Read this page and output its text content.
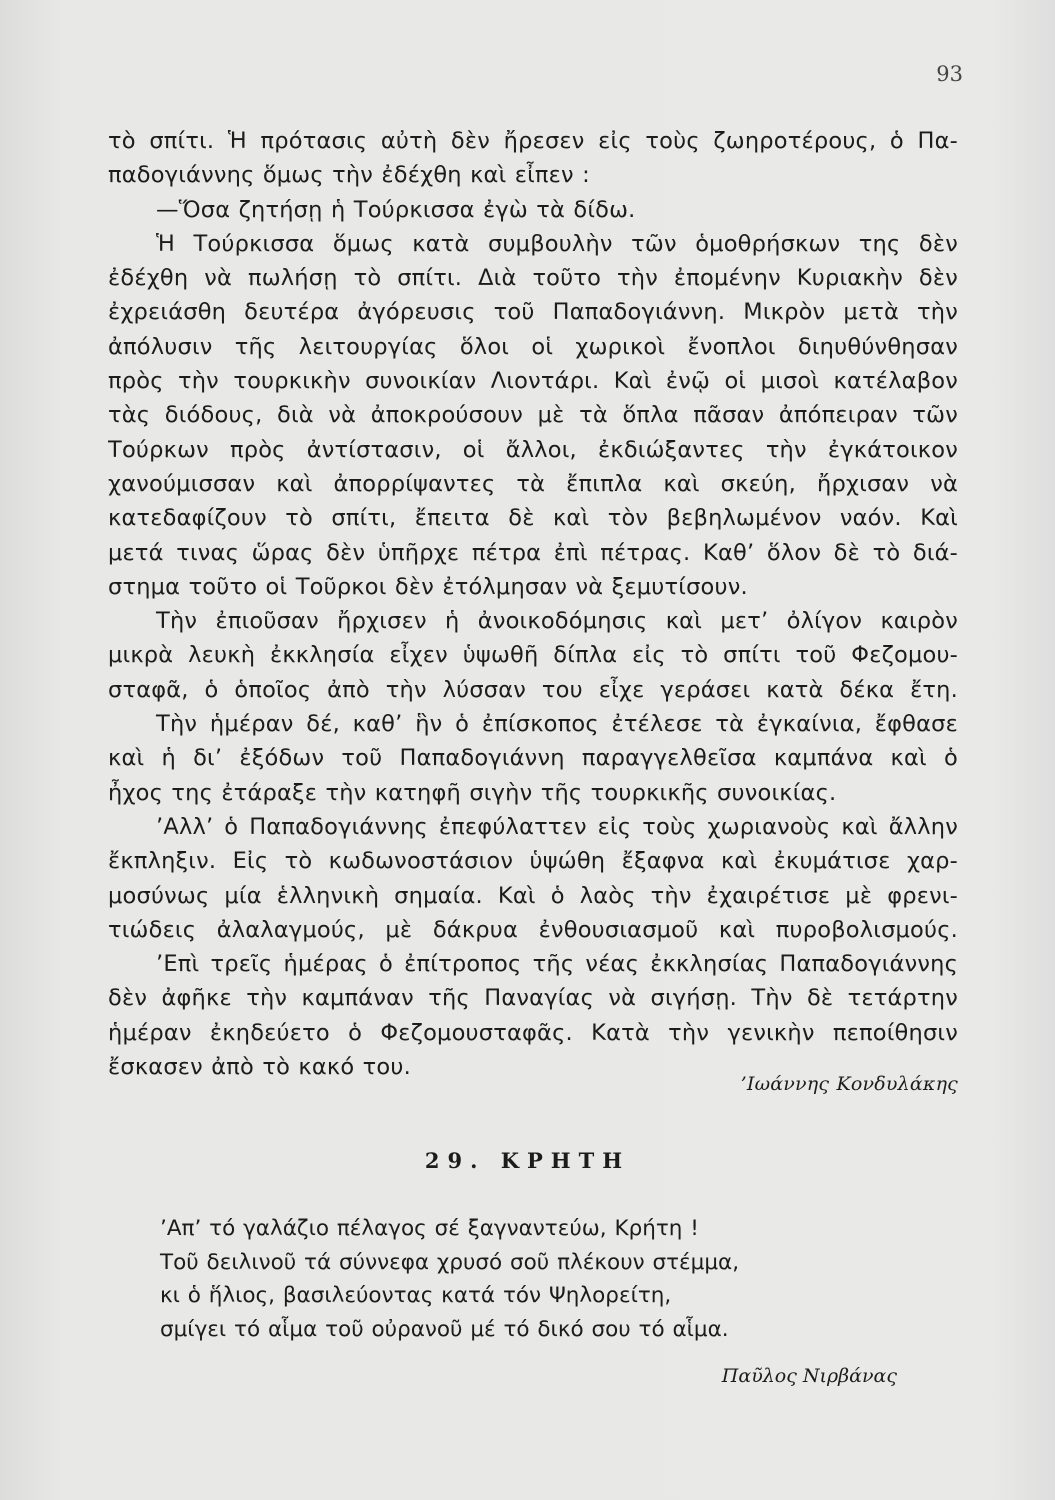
93
τὸ σπίτι. Ἡ πρότασις αὐτὴ δὲν ἤρεσεν εἰς τοὺς ζωηροτέρους, ὁ Πα-
παδογιάννης ὅμως τὴν ἐδέχθη καὶ εἶπεν :
—Ὅσα ζητήσῃ ἡ Τούρκισσα ἐγὼ τὰ δίδω.
Ἡ Τούρκισσα ὅμως κατὰ συμβουλὴν τῶν ὁμοθρήσκων της δὲν
ἐδέχθη νὰ πωλήσῃ τὸ σπίτι. Διὰ τοῦτο τὴν ἐπομένην Κυριακὴν δὲν
ἐχρειάσθη δευτέρα ἀγόρευσις τοῦ Παπαδογιάννη. Μικρὸν μετὰ τὴν
ἀπόλυσιν τῆς λειτουργίας ὅλοι οἱ χωρικοὶ ἔνοπλοι διηυθύνθησαν
πρὸς τὴν τουρκικὴν συνοικίαν Λιοντάρι. Καὶ ἐνῷ οἱ μισοὶ κατέλαβον
τὰς διόδους, διὰ νὰ ἀποκρούσουν μὲ τὰ ὅπλα πᾶσαν ἀπόπειραν τῶν
Τούρκων πρὸς ἀντίστασιν, οἱ ἄλλοι, ἐκδιώξαντες τὴν ἐγκάτοικον
χανούμισσαν καὶ ἀπορρίψαντες τὰ ἔπιπλα καὶ σκεύη, ἤρχισαν νὰ
κατεδαφίζουν τὸ σπίτι, ἔπειτα δὲ καὶ τὸν βεβηλωμένον ναόν. Καὶ
μετά τινας ὥρας δὲν ὑπῆρχε πέτρα ἐπὶ πέτρας. Καθ’ ὅλον δὲ τὸ διά-
στημα τοῦτο οἱ Τοῦρκοι δὲν ἐτόλμησαν νὰ ξεμυτίσουν.
Τὴν ἐπιοῦσαν ἤρχισεν ἡ ἀνοικοδόμησις καὶ μετ’ ὀλίγον καιρὸν
μικρὰ λευκὴ ἐκκλησία εἶχεν ὑψωθῆ δίπλα εἰς τὸ σπίτι τοῦ Φεζομου-
σταφᾶ, ὁ ὁποῖος ἀπὸ τὴν λύσσαν του εἶχε γεράσει κατὰ δέκα ἔτη.
Τὴν ἡμέραν δέ, καθ’ ἣν ὁ ἐπίσκοπος ἐτέλεσε τὰ ἐγκαίνια, ἔφθασε
καὶ ἡ δι’ ἐξόδων τοῦ Παπαδογιάννη παραγγελθεῖσα καμπάνα καὶ ὁ
ἦχος της ἐτάραξε τὴν κατηφῆ σιγὴν τῆς τουρκικῆς συνοικίας.
’Αλλ’ ὁ Παπαδογιάννης ἐπεφύλαττεν εἰς τοὺς χωριανοὺς καὶ ἄλλην
ἔκπληξιν. Εἰς τὸ κωδωνοστάσιον ὑψώθη ἔξαφνα καὶ ἐκυμάτισε χαρ-
μοσύνως μία ἑλληνικὴ σημαία. Καὶ ὁ λαὸς τὴν ἐχαιρέτισε μὲ φρενι-
τιώδεις ἀλαλαγμούς, μὲ δάκρυα ἐνθουσιασμοῦ καὶ πυροβολισμούς.
’Επὶ τρεῖς ἡμέρας ὁ ἐπίτροπος τῆς νέας ἐκκλησίας Παπαδογιάννης
δὲν ἀφῆκε τὴν καμπάναν τῆς Παναγίας νὰ σιγήσῃ. Τὴν δὲ τετάρτην
ἡμέραν ἐκηδεύετο ὁ Φεζομουσταφᾶς. Κατὰ τὴν γενικὴν πεποίθησιν
ἔσκασεν ἀπὸ τὸ κακό του.
’Ιωάννης Κονδυλάκης
29. ΚΡΗΤΗ
’Απ’ τό γαλάζιο πέλαγος σέ ξαγναντεύω, Κρήτη !
Τοῦ δειλινοῦ τά σύννεφα χρυσό σοῦ πλέκουν στέμμα,
κι ὁ ἥλιος, βασιλεύοντας κατά τόν Ψηλορείτη,
σμίγει τό αἷμα τοῦ οὐρανοῦ μέ τό δικό σου τό αἷμα.
Παῦλος Νιρβάνας
